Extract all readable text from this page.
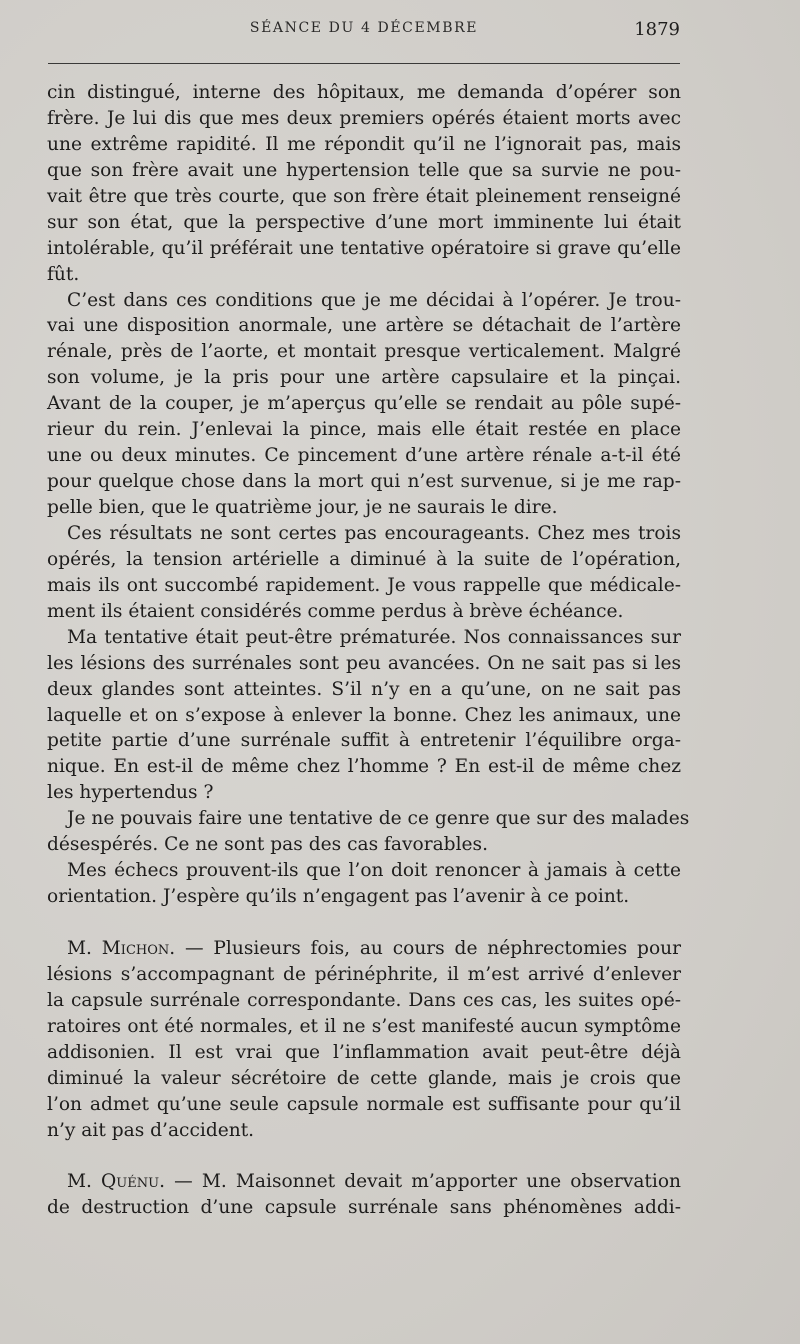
SÉANCE DU 4 DÉCEMBRE	1879
cin distingué, interne des hôpitaux, me demanda d’opérer son
frère. Je lui dis que mes deux premiers opérés étaient morts avec
une extrême rapidité. Il me répondit qu’il ne l’ignorait pas, mais
que son frère avait une hypertension telle que sa survie ne pou-
vait être que très courte, que son frère était pleinement renseigné
sur son état, que la perspective d’une mort imminente lui était
intolérable, qu’il préférait une tentative opératoire si grave qu’elle
fût.
C’est dans ces conditions que je me décidai à l’opérer. Je trou-
vai une disposition anormale, une artère se détachait de l’artère
rénale, près de l’aorte, et montait presque verticalement. Malgré
son volume, je la pris pour une artère capsulaire et la pinçai.
Avant de la couper, je m’aperçus qu’elle se rendait au pôle supé-
rieur du rein. J’enlevai la pince, mais elle était restée en place
une ou deux minutes. Ce pincement d’une artère rénale a-t-il été
pour quelque chose dans la mort qui n’est survenue, si je me rap-
pelle bien, que le quatrième jour, je ne saurais le dire.
Ces résultats ne sont certes pas encourageants. Chez mes trois
opérés, la tension artérielle a diminué à la suite de l’opération,
mais ils ont succombé rapidement. Je vous rappelle que médicale-
ment ils étaient considérés comme perdus à brève échéance.
Ma tentative était peut-être prématurée. Nos connaissances sur
les lésions des surrénales sont peu avancées. On ne sait pas si les
deux glandes sont atteintes. S’il n’y en a qu’une, on ne sait pas
laquelle et on s’expose à enlever la bonne. Chez les animaux, une
petite partie d’une surrénale suffit à entretenir l’équilibre orga-
nique. En est-il de même chez l’homme ? En est-il de même chez
les hypertendus ?
Je ne pouvais faire une tentative de ce genre que sur des malades
désespérés. Ce ne sont pas des cas favorables.
Mes échecs prouvent-ils que l’on doit renoncer à jamais à cette
orientation. J’espère qu’ils n’engagent pas l’avenir à ce point.
M. Michon. — Plusieurs fois, au cours de néphrectomies pour
lésions s’accompagnant de périnéphrite, il m’est arrivé d’enlever
la capsule surrénale correspondante. Dans ces cas, les suites opé-
ratoires ont été normales, et il ne s’est manifesté aucun symptôme
addisonien. Il est vrai que l’inflammation avait peut-être déjà
diminué la valeur sécrétoire de cette glande, mais je crois que
l’on admet qu’une seule capsule normale est suffisante pour qu’il
n’y ait pas d’accident.
M. Quénu. — M. Maisonnet devait m’apporter une observation
de destruction d’une capsule surrénale sans phénomènes addi-
